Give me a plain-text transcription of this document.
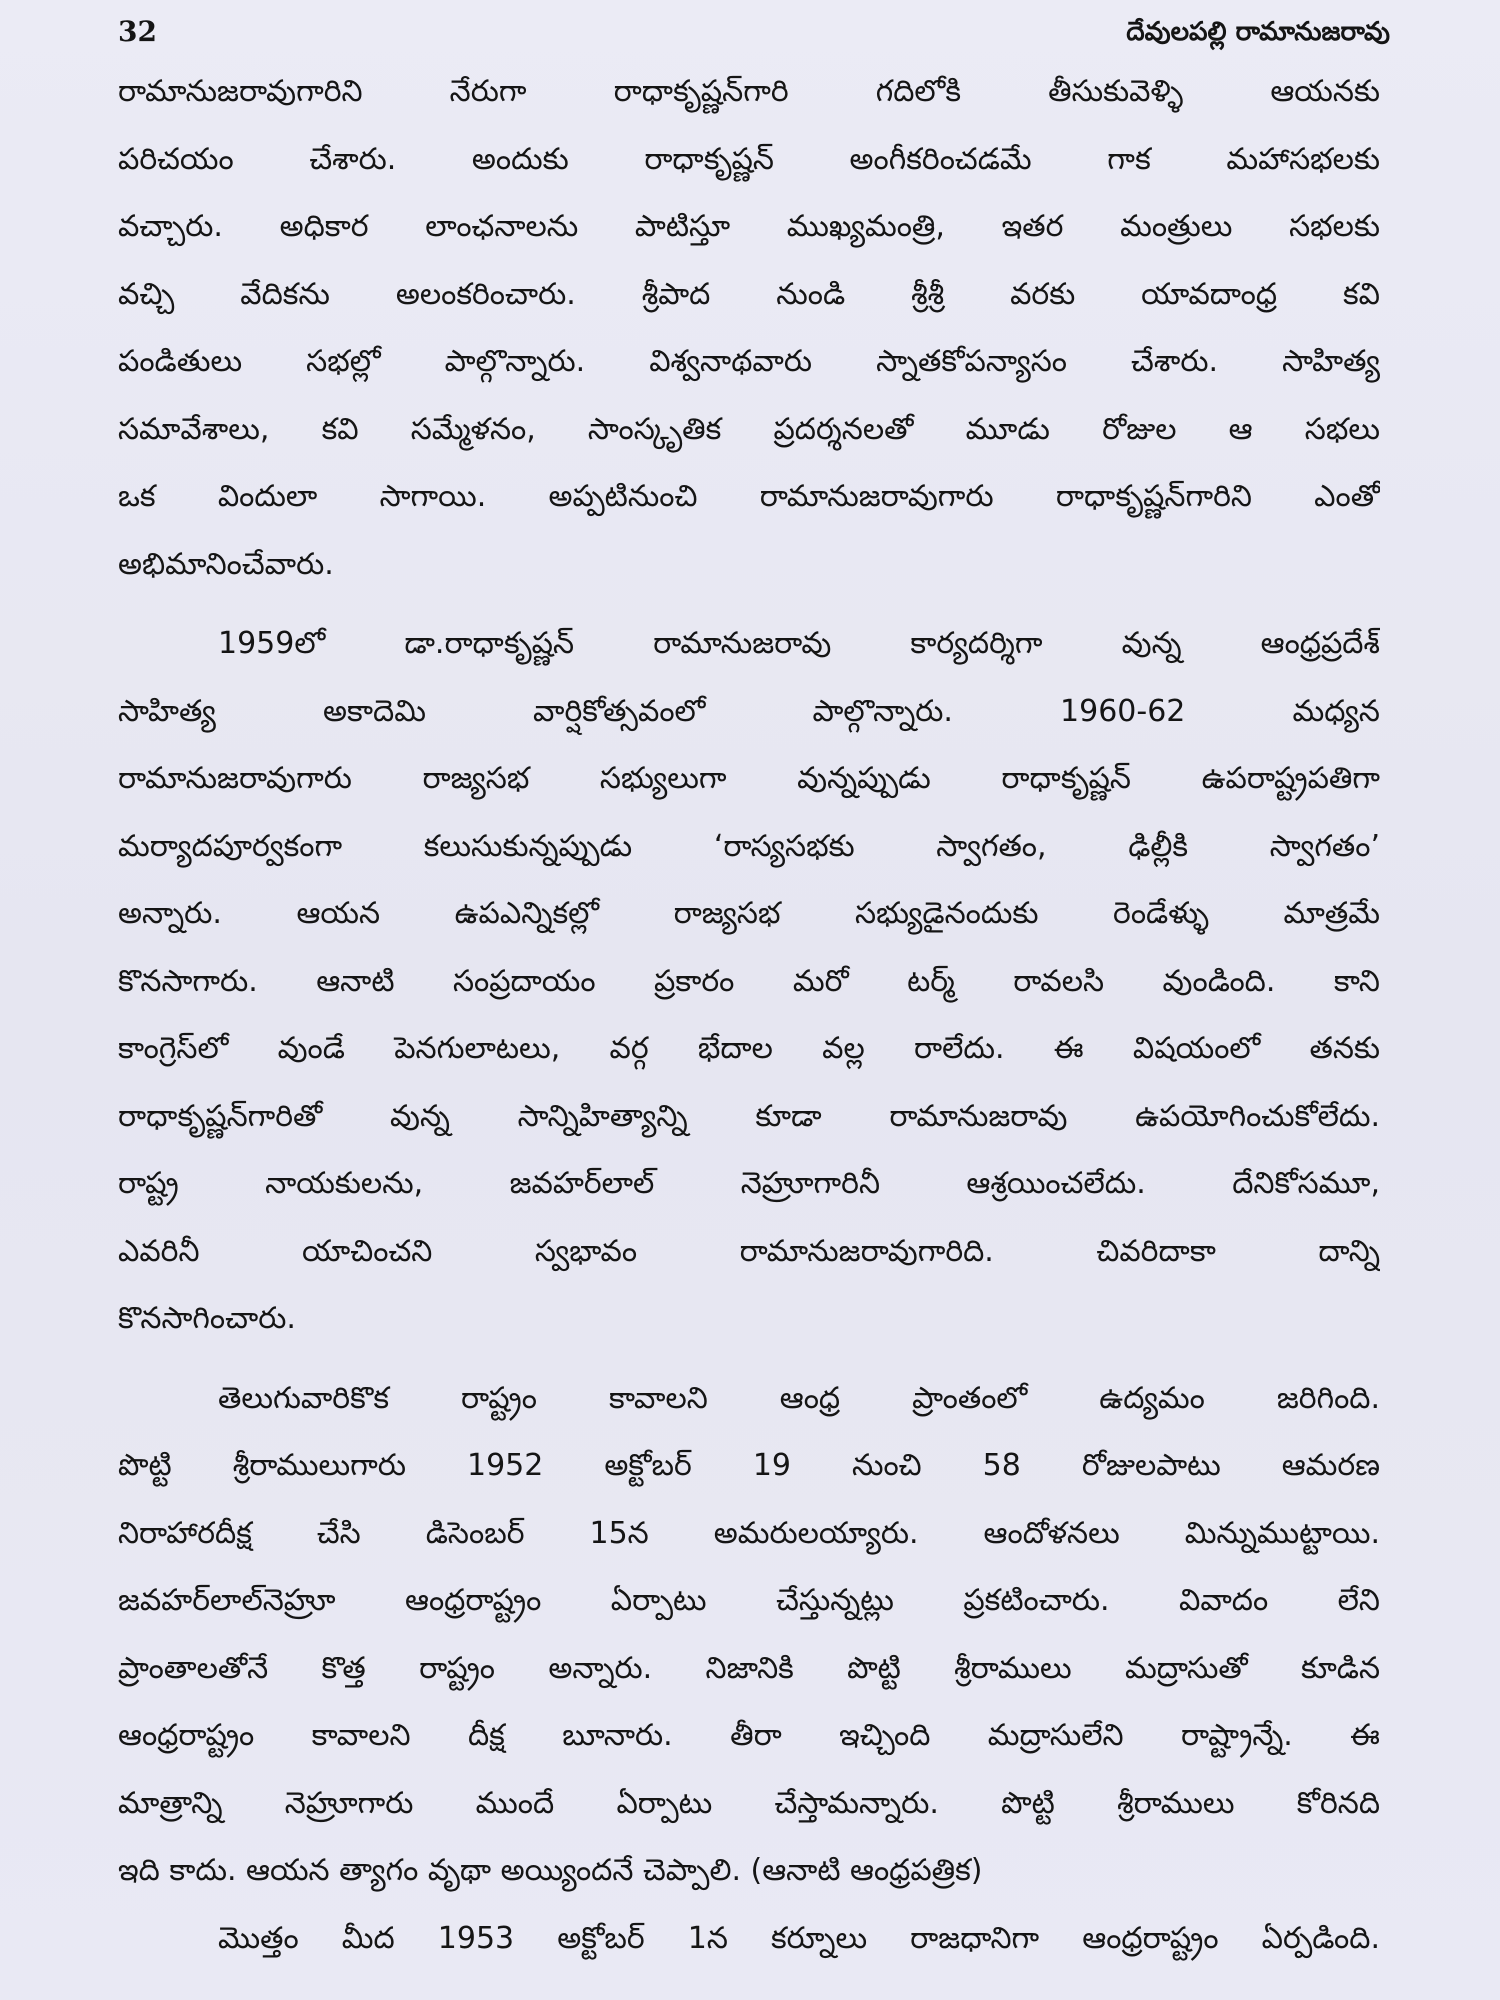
32	దేవులపల్లి రామానుజరావు
రామానుజరావుగారిని నేరుగా రాధాకృష్ణన్‌గారి గదిలోకి తీసుకువెళ్ళి ఆయనకు
పరిచయం చేశారు. అందుకు రాధాకృష్ణన్ అంగీకరించడమే గాక మహాసభలకు
వచ్చారు. అధికార లాంఛనాలను పాటిస్తూ ముఖ్యమంత్రి, ఇతర మంత్రులు సభలకు
వచ్చి వేదికను అలంకరించారు. శ్రీపాద నుండి శ్రీశ్రీ వరకు యావదాంధ్ర కవి
పండితులు సభల్లో పాల్గొన్నారు. విశ్వనాథవారు స్నాతకోపన్యాసం చేశారు. సాహిత్య
సమావేశాలు, కవి సమ్మేళనం, సాంస్కృతిక ప్రదర్శనలతో మూడు రోజుల ఆ సభలు
ఒక విందులా సాగాయి. అప్పటినుంచి రామానుజరావుగారు రాధాకృష్ణన్‌గారిని ఎంతో
అభిమానించేవారు.
1959లో డా.రాధాకృష్ణన్ రామానుజరావు కార్యదర్శిగా వున్న ఆంధ్రప్రదేశ్
సాహిత్య అకాదెమి వార్షికోత్సవంలో పాల్గొన్నారు. 1960-62 మధ్యన
రామానుజరావుగారు రాజ్యసభ సభ్యులుగా వున్నప్పుడు రాధాకృష్ణన్ ఉపరాష్ట్రపతిగా
మర్యాదపూర్వకంగా కలుసుకున్నప్పుడు ‘రాస్యసభకు స్వాగతం, ఢిల్లీకి స్వాగతం’
అన్నారు. ఆయన ఉపఎన్నికల్లో రాజ్యసభ సభ్యుడైనందుకు రెండేళ్ళు మాత్రమే
కొనసాగారు. ఆనాటి సంప్రదాయం ప్రకారం మరో టర్మ్ రావలసి వుండింది. కాని
కాంగ్రెస్‌లో వుండే పెనగులాటలు, వర్గ భేదాల వల్ల రాలేదు. ఈ విషయంలో తనకు
రాధాకృష్ణన్‌గారితో వున్న సాన్నిహిత్యాన్ని కూడా రామానుజరావు ఉపయోగించుకోలేదు.
రాష్ట్ర నాయకులను, జవహర్‌లాల్ నెహ్రూగారినీ ఆశ్రయించలేదు. దేనికోసమూ,
ఎవరినీ యాచించని స్వభావం రామానుజరావుగారిది. చివరిదాకా దాన్ని
కొనసాగించారు.
తెలుగువారికొక రాష్ట్రం కావాలని ఆంధ్ర ప్రాంతంలో ఉద్యమం జరిగింది.
పొట్టి శ్రీరాములుగారు 1952 అక్టోబర్ 19 నుంచి 58 రోజులపాటు ఆమరణ
నిరాహారదీక్ష చేసి డిసెంబర్ 15న అమరులయ్యారు. ఆందోళనలు మిన్నుముట్టాయి.
జవహర్‌లాల్‌నెహ్రూ ఆంధ్రరాష్ట్రం ఏర్పాటు చేస్తున్నట్లు ప్రకటించారు. వివాదం లేని
ప్రాంతాలతోనే కొత్త రాష్ట్రం అన్నారు. నిజానికి పొట్టి శ్రీరాములు మద్రాసుతో కూడిన
ఆంధ్రరాష్ట్రం కావాలని దీక్ష బూనారు. తీరా ఇచ్చింది మద్రాసులేని రాష్ట్రాన్నే. ఈ
మాత్రాన్ని నెహ్రూగారు ముందే ఏర్పాటు చేస్తామన్నారు. పొట్టి శ్రీరాములు కోరినది
ఇది కాదు. ఆయన త్యాగం వృథా అయ్యిందనే చెప్పాలి. (ఆనాటి ఆంధ్రపత్రిక)
మొత్తం మీద 1953 అక్టోబర్ 1న కర్నూలు రాజధానిగా ఆంధ్రరాష్ట్రం ఏర్పడింది.
